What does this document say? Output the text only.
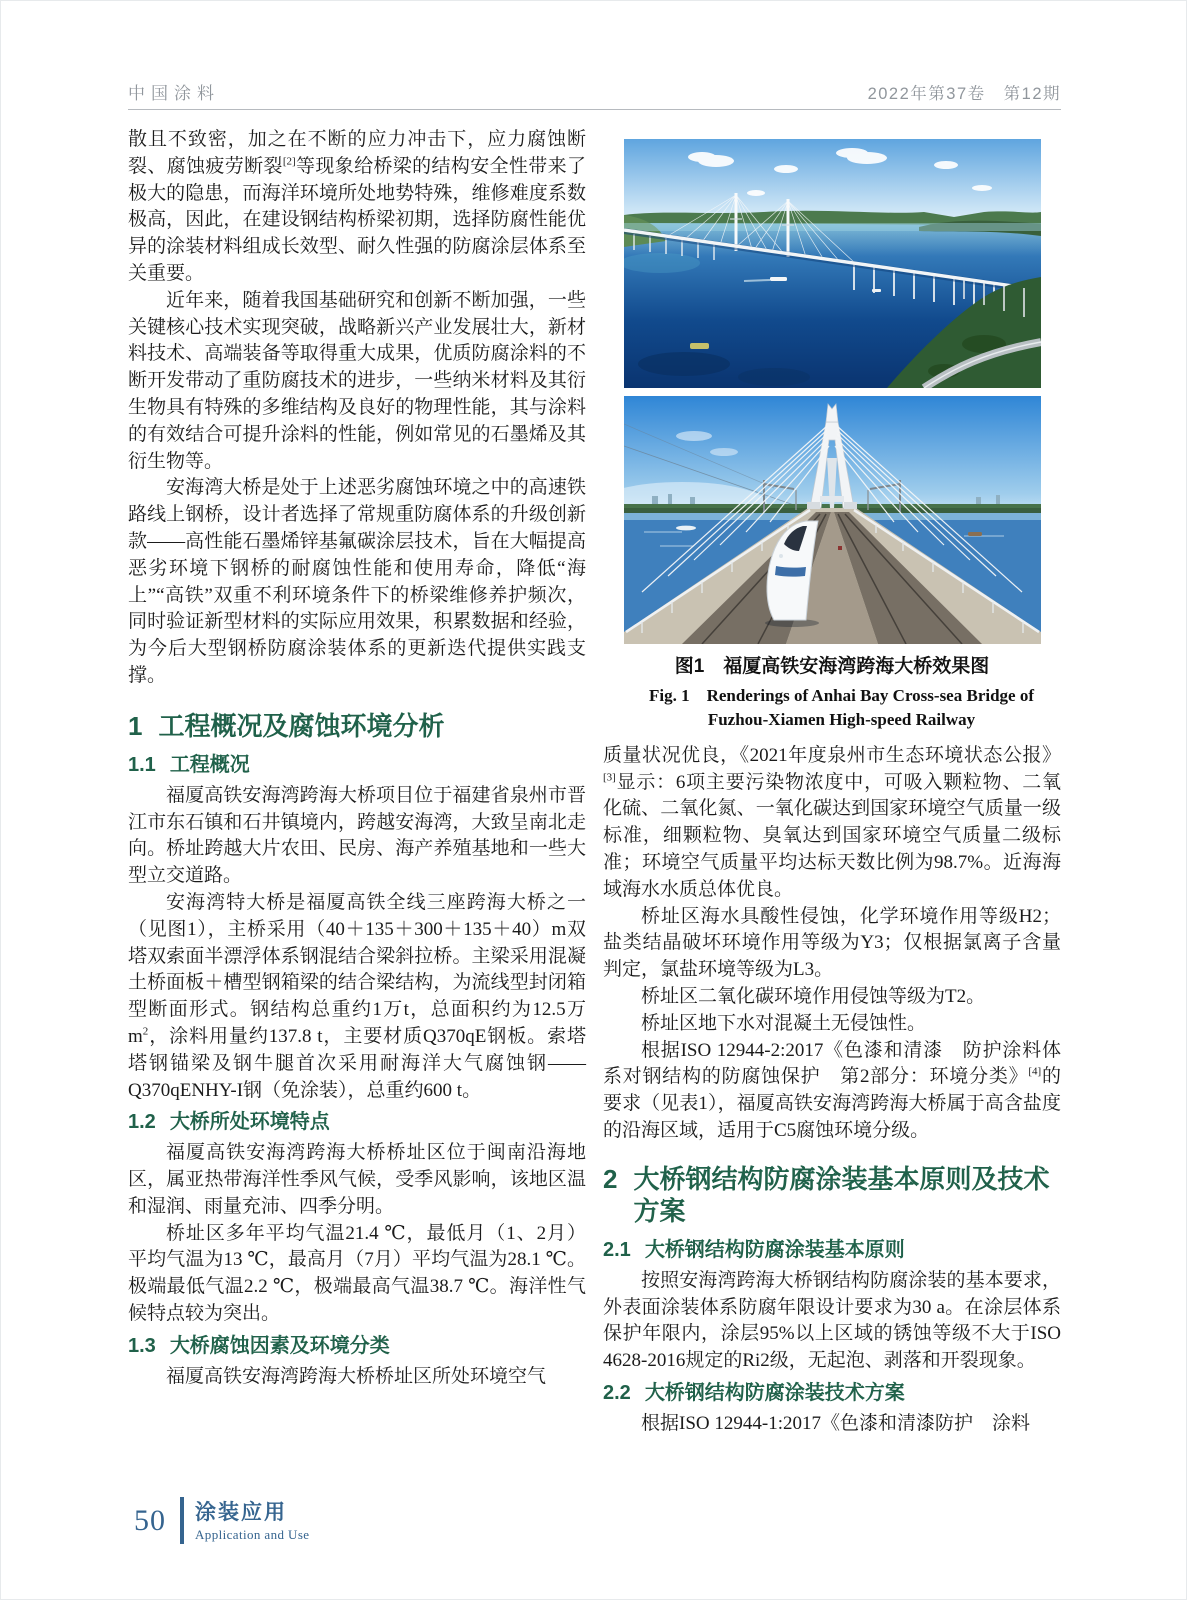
中国涂料	2022年第37卷　第12期

散且不致密，加之在不断的应力冲击下，应力腐蚀断裂、腐蚀疲劳断裂[2]等现象给桥梁的结构安全性带来了极大的隐患，而海洋环境所处地势特殊，维修难度系数极高，因此，在建设钢结构桥梁初期，选择防腐性能优异的涂装材料组成长效型、耐久性强的防腐涂层体系至关重要。

近年来，随着我国基础研究和创新不断加强，一些关键核心技术实现突破，战略新兴产业发展壮大，新材料技术、高端装备等取得重大成果，优质防腐涂料的不断开发带动了重防腐技术的进步，一些纳米材料及其衍生物具有特殊的多维结构及良好的物理性能，其与涂料的有效结合可提升涂料的性能，例如常见的石墨烯及其衍生物等。

安海湾大桥是处于上述恶劣腐蚀环境之中的高速铁路线上钢桥，设计者选择了常规重防腐体系的升级创新款——高性能石墨烯锌基氟碳涂层技术，旨在大幅提高恶劣环境下钢桥的耐腐蚀性能和使用寿命，降低“海上”“高铁”双重不利环境条件下的桥梁维修养护频次，同时验证新型材料的实际应用效果，积累数据和经验，为今后大型钢桥防腐涂装体系的更新迭代提供实践支撑。

1 工程概况及腐蚀环境分析
1.1 工程概况

福厦高铁安海湾跨海大桥项目位于福建省泉州市晋江市东石镇和石井镇境内，跨越安海湾，大致呈南北走向。桥址跨越大片农田、民房、海产养殖基地和一些大型立交道路。

安海湾特大桥是福厦高铁全线三座跨海大桥之一（见图1），主桥采用（40＋135＋300＋135＋40）m双塔双索面半漂浮体系钢混结合梁斜拉桥。主梁采用混凝土桥面板＋槽型钢箱梁的结合梁结构，为流线型封闭箱型断面形式。钢结构总重约1万t，总面积约为12.5万$m^2$，涂料用量约137.8 t，主要材质Q370qE钢板。索塔塔钢锚梁及钢牛腿首次采用耐海洋大气腐蚀钢——Q370qENHY-I钢（免涂装），总重约600 t。

1.2 大桥所处环境特点

福厦高铁安海湾跨海大桥桥址区位于闽南沿海地区，属亚热带海洋性季风气候，受季风影响，该地区温和湿润、雨量充沛、四季分明。

桥址区多年平均气温21.4 ℃，最低月（1、2月）平均气温为13 ℃，最高月（7月）平均气温为28.1 ℃。极端最低气温2.2 ℃，极端最高气温38.7 ℃。海洋性气候特点较为突出。

1.3 大桥腐蚀因素及环境分类

福厦高铁安海湾跨海大桥桥址区所处环境空气

图1　福厦高铁安海湾跨海大桥效果图
Fig. 1　Renderings of Anhai Bay Cross-sea Bridge of Fuzhou-Xiamen High-speed Railway

质量状况优良，《2021年度泉州市生态环境状态公报》[3]显示：6项主要污染物浓度中，可吸入颗粒物、二氧化硫、二氧化氮、一氧化碳达到国家环境空气质量一级标准，细颗粒物、臭氧达到国家环境空气质量二级标准；环境空气质量平均达标天数比例为98.7%。近海海域海水水质总体优良。

桥址区海水具酸性侵蚀，化学环境作用等级H2；盐类结晶破坏环境作用等级为Y3；仅根据氯离子含量判定，氯盐环境等级为L3。

桥址区二氧化碳环境作用侵蚀等级为T2。

桥址区地下水对混凝土无侵蚀性。

根据ISO 12944-2:2017《色漆和清漆　防护涂料体系对钢结构的防腐蚀保护　第2部分：环境分类》[4]的要求（见表1），福厦高铁安海湾跨海大桥属于高含盐度的沿海区域，适用于C5腐蚀环境分级。

2 大桥钢结构防腐涂装基本原则及技术方案
2.1 大桥钢结构防腐涂装基本原则

按照安海湾跨海大桥钢结构防腐涂装的基本要求，外表面涂装体系防腐年限设计要求为30 a。在涂层体系保护年限内，涂层95%以上区域的锈蚀等级不大于ISO 4628-2016规定的Ri2级，无起泡、剥落和开裂现象。

2.2 大桥钢结构防腐涂装技术方案

根据ISO 12944-1:2017《色漆和清漆防护　涂料

50 涂装应用
Application and Use
